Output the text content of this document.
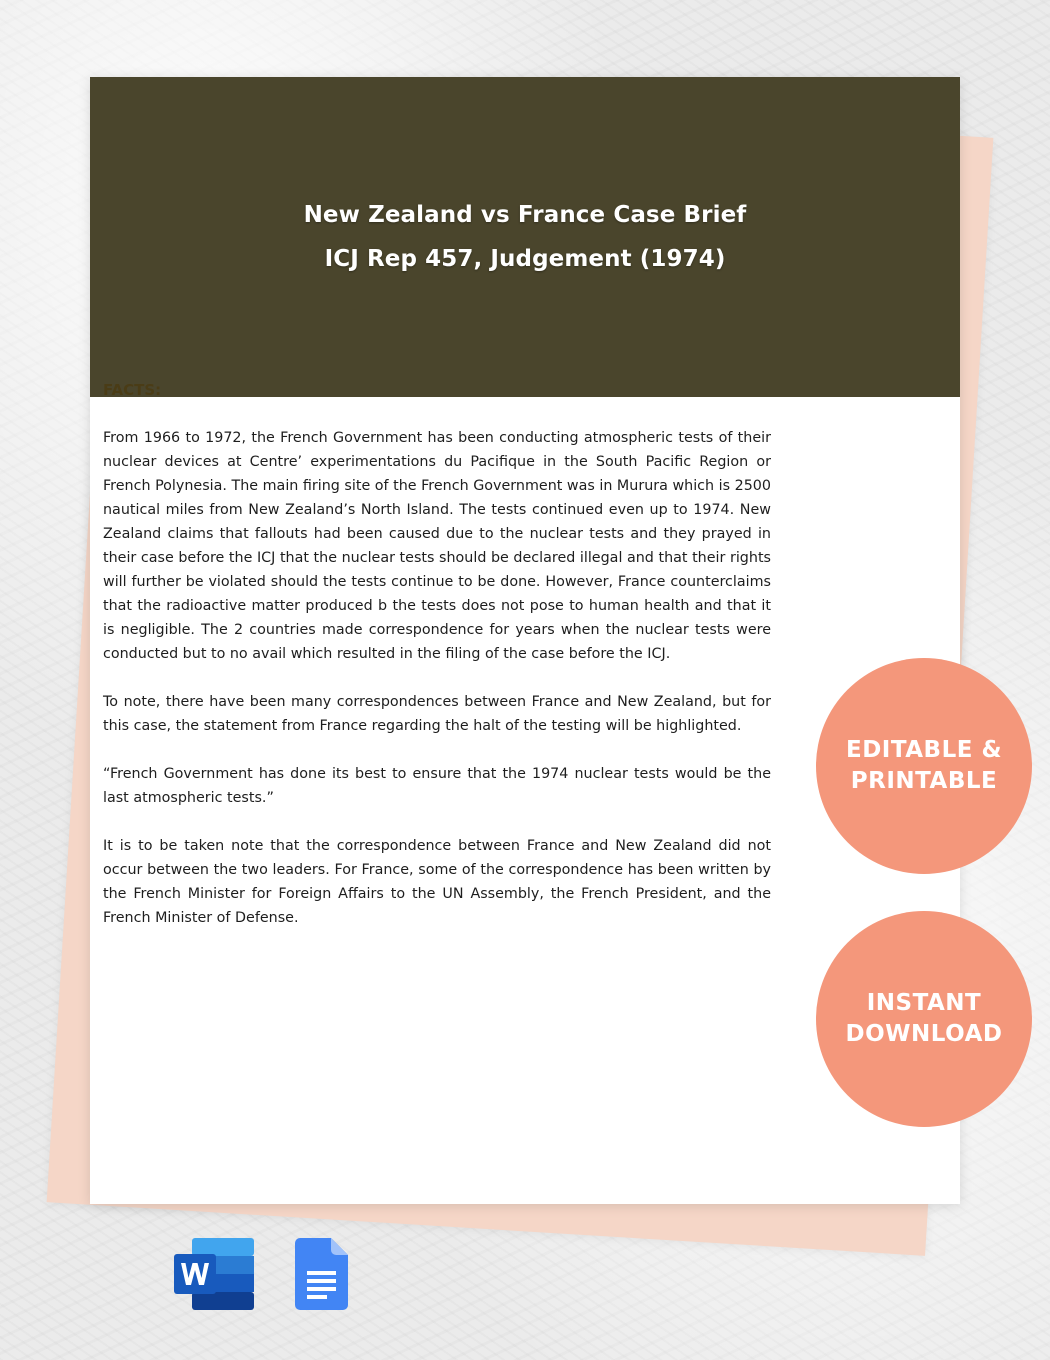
New Zealand vs France Case Brief
ICJ Rep 457, Judgement (1974)
FACTS:

From 1966 to 1972, the French Government has been conducting atmospheric tests of their nuclear devices at Centre’ experimentations du Pacifique in the South Pacific Region or French Polynesia. The main firing site of the French Government was in Murura which is 2500 nautical miles from New Zealand’s North Island. The tests continued even up to 1974. New Zealand claims that fallouts had been caused due to the nuclear tests and they prayed in their case before the ICJ that the nuclear tests should be declared illegal and that their rights will further be violated should the tests continue to be done. However, France counterclaims that the radioactive matter produced b the tests does not pose to human health and that it is negligible. The 2 countries made correspondence for years when the nuclear tests were conducted but to no avail which resulted in the filing of the case before the ICJ.

To note, there have been many correspondences between France and New Zealand, but for this case, the statement from France regarding the halt of the testing will be highlighted.

“French Government has done its best to ensure that the 1974 nuclear tests would be the last atmospheric tests.”

It is to be taken note that the correspondence between France and New Zealand did not occur between the two leaders. For France, some of the correspondence has been written by the French Minister for Foreign Affairs to the UN Assembly, the French President, and the French Minister of Defense.

EDITABLE &
PRINTABLE
INSTANT
DOWNLOAD
